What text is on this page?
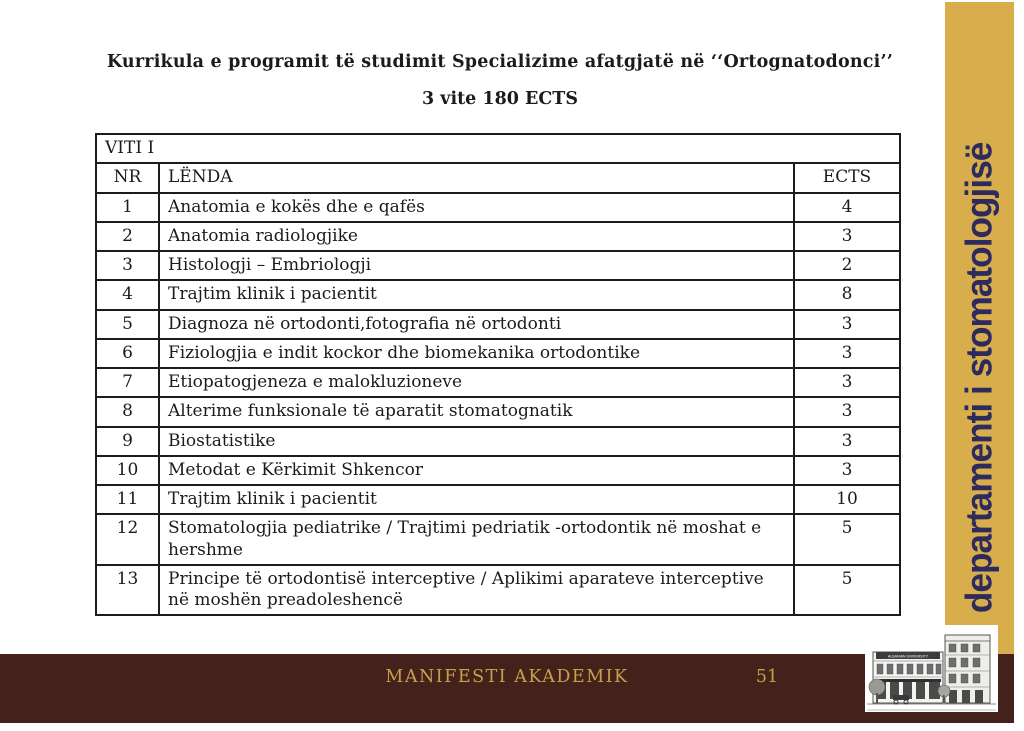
Kurrikula e programit të studimit Specializime afatgjatë në ‘‘Ortognatodonci’’
3 vite 180 ECTS
VITI I		
NR	LËNDA	ECTS
1	Anatomia e kokës dhe e qafës	4
2	Anatomia radiologjike	3
3	Histologji – Embriologji	2
4	Trajtim klinik i pacientit	8
5	Diagnoza në ortodonti,fotografia në ortodonti	3
6	Fiziologjia e indit kockor dhe biomekanika ortodontike	3
7	Etiopatogjeneza e malokluzioneve	3
8	Alterime funksionale të aparatit stomatognatik	3
9	Biostatistike	3
10	Metodat e Kërkimit Shkencor	3
11	Trajtim klinik i pacientit	10
12	Stomatologjia pediatrike / Trajtimi pedriatik -ortodontik në moshat e hershme	5
13	Principe të ortodontisë interceptive / Aplikimi aparateve interceptive në moshën preadoleshencë	5	departamenti i stomatologjisë
MANIFESTI AKADEMIK	51
ALBANIAN UNIVERSITY
